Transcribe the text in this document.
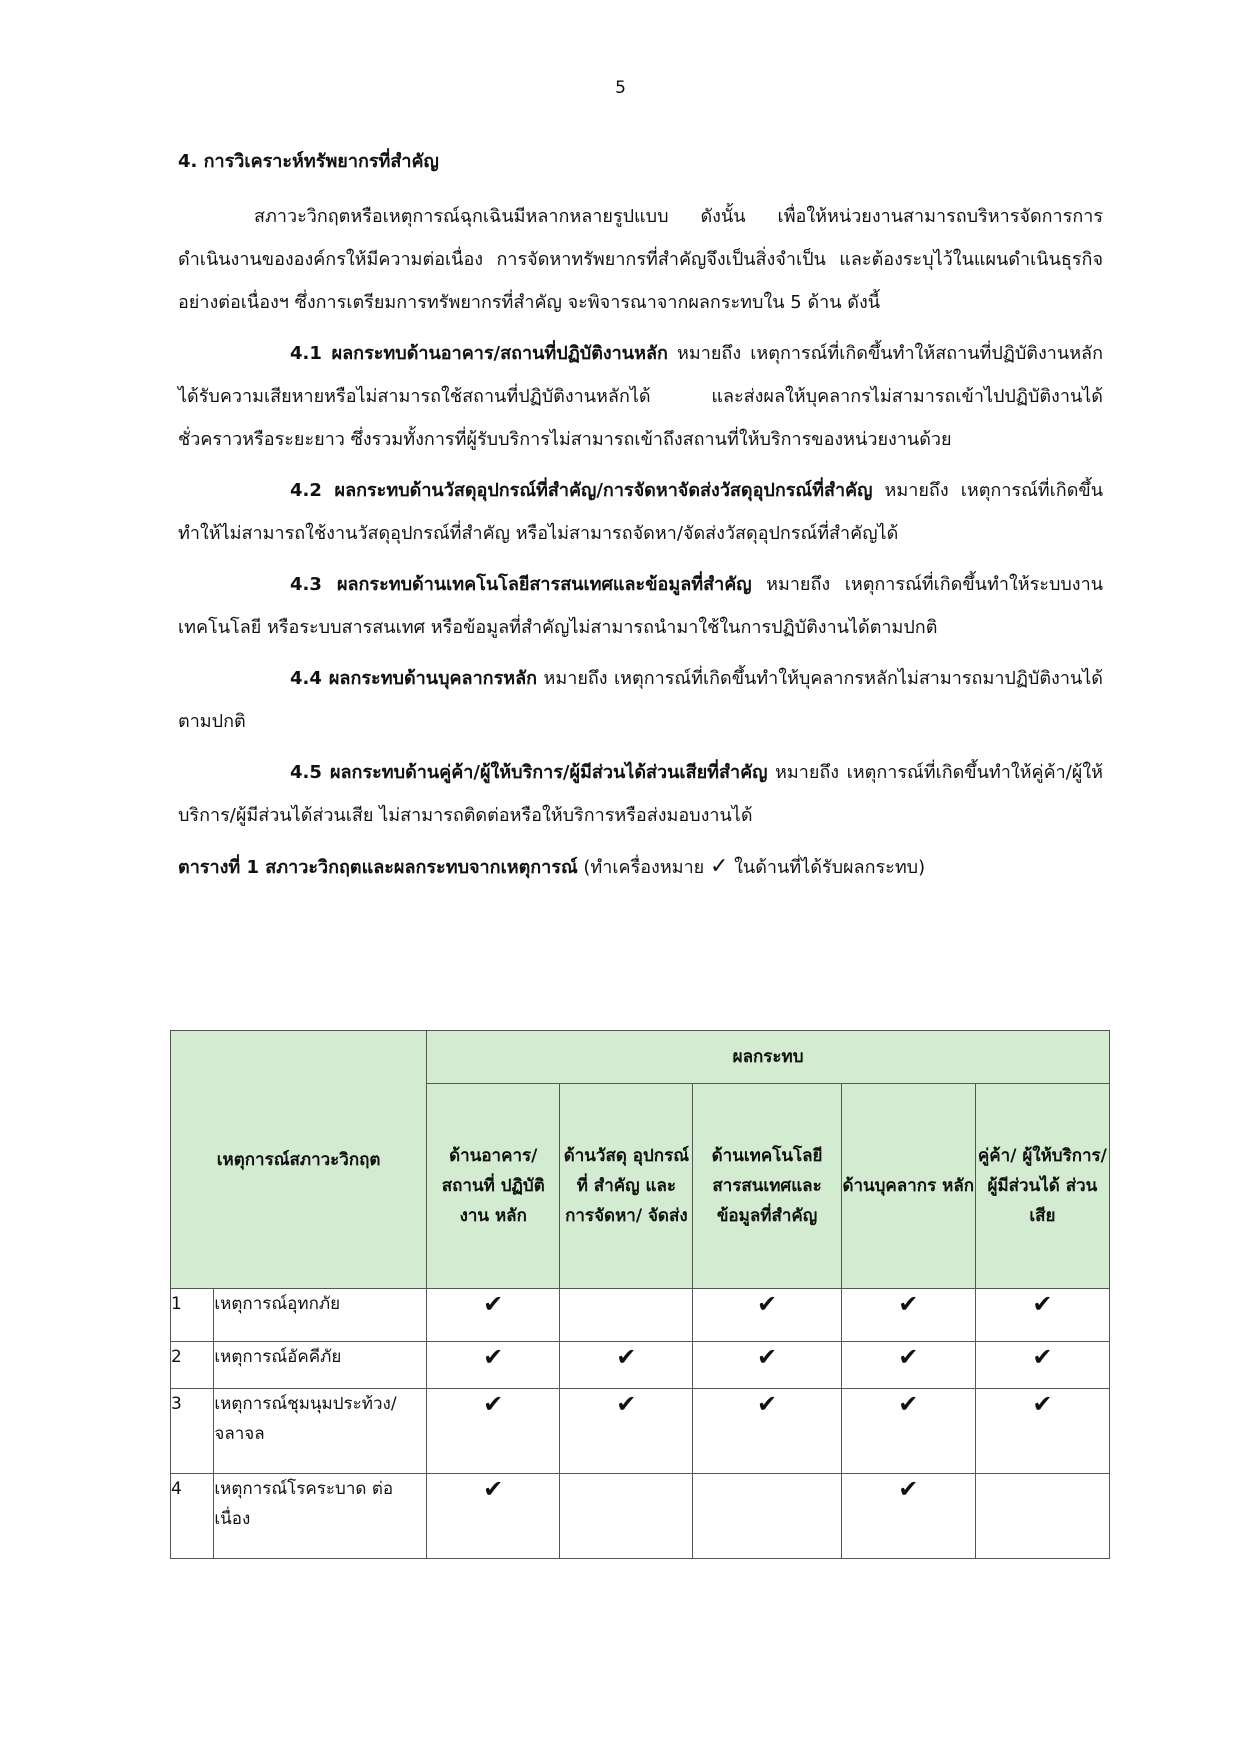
5
4. การวิเคราะห์ทรัพยากรที่สำคัญ

สภาวะวิกฤตหรือเหตุการณ์ฉุกเฉินมีหลากหลายรูปแบบ ดังนั้น เพื่อให้หน่วยงานสามารถบริหารจัดการการดำเนินงานขององค์กรให้มีความต่อเนื่อง การจัดหาทรัพยากรที่สำคัญจึงเป็นสิ่งจำเป็น และต้องระบุไว้ในแผนดำเนินธุรกิจอย่างต่อเนื่องฯ ซึ่งการเตรียมการทรัพยากรที่สำคัญ จะพิจารณาจากผลกระทบใน 5 ด้าน ดังนี้

4.1 ผลกระทบด้านอาคาร/สถานที่ปฏิบัติงานหลัก หมายถึง เหตุการณ์ที่เกิดขึ้นทำให้สถานที่ปฏิบัติงานหลักได้รับความเสียหายหรือไม่สามารถใช้สถานที่ปฏิบัติงานหลักได้ และส่งผลให้บุคลากรไม่สามารถเข้าไปปฏิบัติงานได้ชั่วคราวหรือระยะยาว ซึ่งรวมทั้งการที่ผู้รับบริการไม่สามารถเข้าถึงสถานที่ให้บริการของหน่วยงานด้วย

4.2 ผลกระทบด้านวัสดุอุปกรณ์ที่สำคัญ/การจัดหาจัดส่งวัสดุอุปกรณ์ที่สำคัญ หมายถึง เหตุการณ์ที่เกิดขึ้นทำให้ไม่สามารถใช้งานวัสดุอุปกรณ์ที่สำคัญ หรือไม่สามารถจัดหา/จัดส่งวัสดุอุปกรณ์ที่สำคัญได้

4.3 ผลกระทบด้านเทคโนโลยีสารสนเทศและข้อมูลที่สำคัญ หมายถึง เหตุการณ์ที่เกิดขึ้นทำให้ระบบงานเทคโนโลยี หรือระบบสารสนเทศ หรือข้อมูลที่สำคัญไม่สามารถนำมาใช้ในการปฏิบัติงานได้ตามปกติ

4.4 ผลกระทบด้านบุคลากรหลัก หมายถึง เหตุการณ์ที่เกิดขึ้นทำให้บุคลากรหลักไม่สามารถมาปฏิบัติงานได้ตามปกติ

4.5 ผลกระทบด้านคู่ค้า/ผู้ให้บริการ/ผู้มีส่วนได้ส่วนเสียที่สำคัญ หมายถึง เหตุการณ์ที่เกิดขึ้นทำให้คู่ค้า/ผู้ให้บริการ/ผู้มีส่วนได้ส่วนเสีย ไม่สามารถติดต่อหรือให้บริการหรือส่งมอบงานได้

ตารางที่ 1 สภาวะวิกฤตและผลกระทบจากเหตุการณ์ (ทำเครื่องหมาย ✓ ในด้านที่ได้รับผลกระทบ)
เหตุการณ์สภาวะวิกฤต		ผลกระทบ				
		ด้านอาคาร/ สถานที่ ปฏิบัติงาน หลัก	ด้านวัสดุ อุปกรณ์ที่ สำคัญ และ การจัดหา/ จัดส่ง	ด้านเทคโนโลยี สารสนเทศและ ข้อมูลที่สำคัญ	ด้านบุคลากร หลัก	คู่ค้า/ ผู้ให้บริการ/ ผู้มีส่วนได้ ส่วนเสีย
1	เหตุการณ์อุทกภัย	✔		✔	✔	✔
2	เหตุการณ์อัคคีภัย	✔	✔	✔	✔	✔
3	เหตุการณ์ชุมนุมประท้วง/ จลาจล	✔	✔	✔	✔	✔
4	เหตุการณ์โรคระบาด ต่อเนื่อง	✔			✔	
